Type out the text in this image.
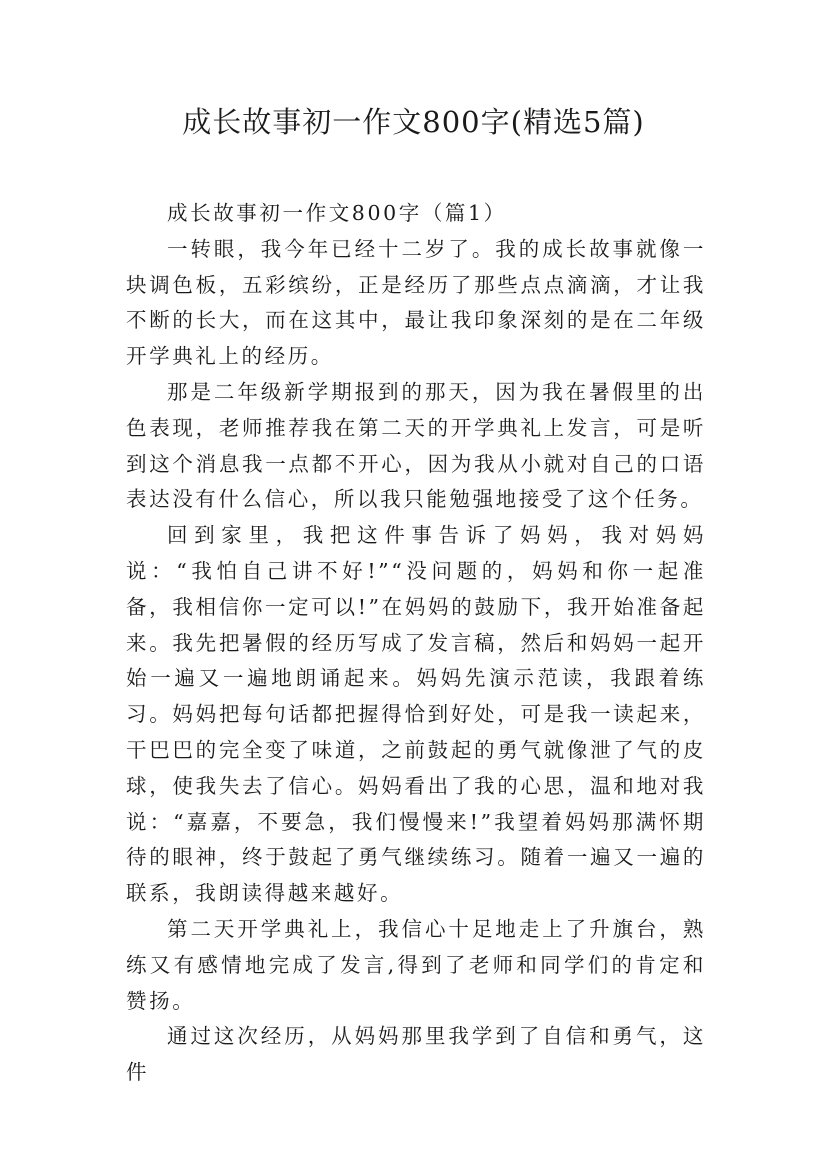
成长故事初一作文800字(精选5篇)
成长故事初一作文800字（篇1）

一转眼，我今年已经十二岁了。我的成长故事就像一块调色板，五彩缤纷，正是经历了那些点点滴滴，才让我不断的长大，而在这其中，最让我印象深刻的是在二年级开学典礼上的经历。

那是二年级新学期报到的那天，因为我在暑假里的出色表现，老师推荐我在第二天的开学典礼上发言，可是听到这个消息我一点都不开心，因为我从小就对自己的口语表达没有什么信心，所以我只能勉强地接受了这个任务。

回到家里，我把这件事告诉了妈妈，我对妈妈说：“我怕自己讲不好!”“没问题的，妈妈和你一起准备，我相信你一定可以!”在妈妈的鼓励下，我开始准备起来。我先把暑假的经历写成了发言稿，然后和妈妈一起开始一遍又一遍地朗诵起来。妈妈先演示范读，我跟着练习。妈妈把每句话都把握得恰到好处，可是我一读起来，干巴巴的完全变了味道，之前鼓起的勇气就像泄了气的皮球，使我失去了信心。妈妈看出了我的心思，温和地对我说：“嘉嘉，不要急，我们慢慢来!”我望着妈妈那满怀期待的眼神，终于鼓起了勇气继续练习。随着一遍又一遍的联系，我朗读得越来越好。

第二天开学典礼上，我信心十足地走上了升旗台，熟练又有感情地完成了发言,得到了老师和同学们的肯定和赞扬。

通过这次经历，从妈妈那里我学到了自信和勇气，这件
